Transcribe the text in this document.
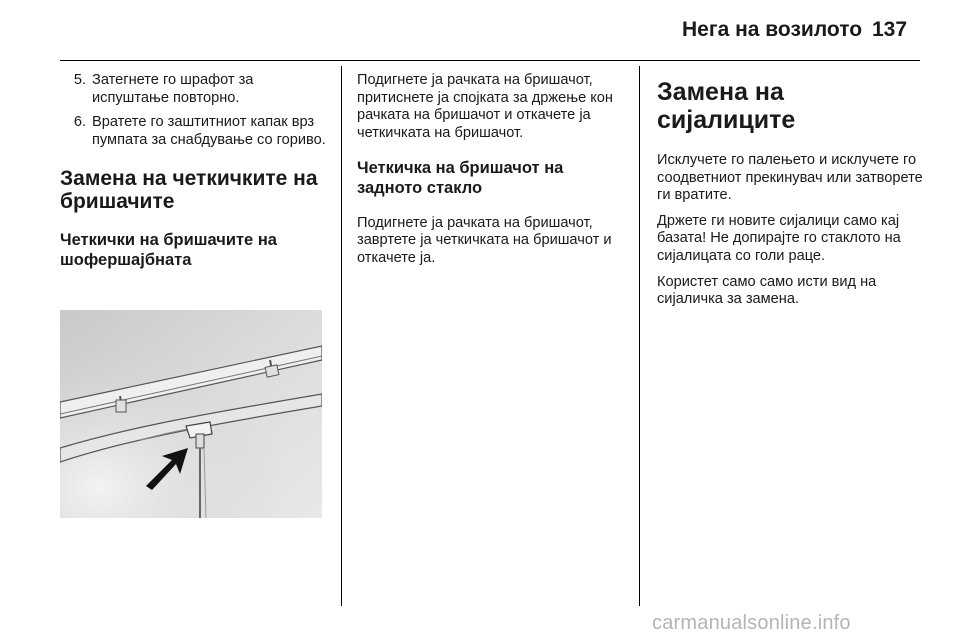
Нега на возилото 137
5. Затегнете го шрафот за испуштање повторно.
6. Вратете го заштитниот капак врз пумпата за снабдување со гориво.
Замена на четкичките на бришачите
Четкички на бришачите на шофершајбната

Подигнете ја рачката на бришачот, притиснете ја спојката за држење кон рачката на бришачот и откачете ја четкичката на бришачот.

Четкичка на бришачот на задното стакло

Подигнете ја рачката на бришачот, завртете ја четкичката на бришачот и откачете ја.

Замена на сијалиците

Исклучете го палењето и исклучете го соодветниот прекинувач или затворете ги вратите.

Држете ги новите сијалици само кај базата! Не допирајте го стаклото на сијалицата со голи раце.

Користет само само исти вид на сијаличка за замена.

carmanualsonline.info
